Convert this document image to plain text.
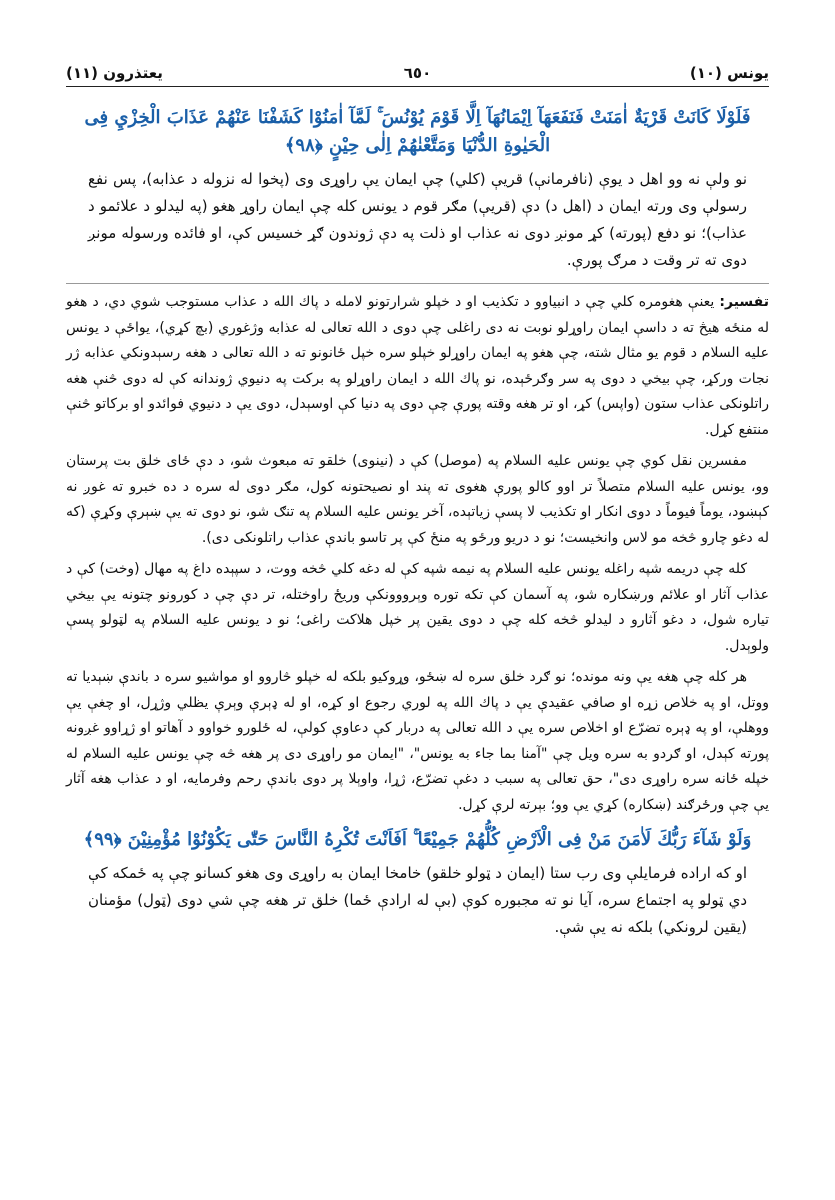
يونس (١٠)
٦٥٠
يعتذرون (١١)

فَلَوْلَا كَانَتْ قَرْيَةٌ اٰمَنَتْ فَنَفَعَهَآ اِيْمَانُهَآ اِلَّا قَوْمَ يُوْنُسَ ۚ لَمَّآ اٰمَنُوْا كَشَفْنَا عَنْهُمْ عَذَابَ الْخِزْيِ فِى الْحَيٰوةِ الدُّنْيَا وَمَتَّعْنٰهُمْ اِلٰى حِيْنٍ ﴿٩٨﴾

نو ولې نه وو اهل د يوې (نافرمانې) قريې (كلي) چې ايمان يې راوړی وی (پخوا له نزوله د عذابه)، پس نفع رسولې وی ورته ايمان د (اهل د) دې (قريې) مګر قوم د يونس كله چې ايمان راوړ هغو (په ليدلو د علائمو د عذاب)؛ نو دفع (پورته) كړ مونږ دوی نه عذاب او ذلت په دې ژوندون ګړ خسيس كې، او فائده ورسوله مونږ دوی ته تر وقت د مرګ پورې.

تفسير: يعنې هغومره كلي چې د انبياوو د تكذيب او د خپلو شرارتونو لامله د پاك الله د عذاب مستوجب شوي دي، د هغو له منځه هيڅ ته د داسې ايمان راوړلو نوبت نه دی راغلی چې دوی د الله تعالى له عذابه وژغوري (بچ كړي)، يواځې د يونس عليه السلام د قوم يو مثال شته، چې هغو په ايمان راوړلو خپلو سره خپل ځانونو ته د الله تعالى د هغه رسېدونكي عذابه ژر نجات وركړ، چې بيخي د دوی په سر وګرځېده، نو پاك الله د ايمان راوړلو په بركت په دنيوي ژوندانه كې له دوی څنې هغه راتلونكی عذاب ستون (واپس) كړ، او تر هغه وقته پورې چې دوی په دنيا كې اوسېدل، دوی يې د دنيوي فوائدو او بركاتو څنې منتفع كړل.

مفسرين نقل كوي چې يونس عليه السلام په (موصل) كې د (نينوی) خلقو ته مبعوث شو، د دې ځای خلق بت پرستان وو، يونس عليه السلام متصلاً تر اوو كالو پورې هغوی ته پند او نصيحتونه كول، مګر دوی له سره د ده خبرو ته غوږ نه كېښود، يوماً فيوماً د دوی انكار او تكذيب لا پسې زياتېده، آخر يونس عليه السلام په تنګ شو، نو دوی ته يې ښېرې وكړې (كه له دغو چارو څخه مو لاس وانخيست؛ نو د دريو ورځو په منځ كې پر تاسو باندې عذاب راتلونكی دی).

كله چې دريمه شپه راغله يونس عليه السلام په نيمه شپه كې له دغه كلي څخه ووت، د سپېده داغ په مهال (وخت) كې د عذاب آثار او علائم ورښكاره شو، په آسمان كې تكه توره وېرووونكې وريځ راوختله، تر دې چې د كورونو چتونه يې بيخي تياره شول، د دغو آثارو د ليدلو څخه كله چې د دوی يقين پر خپل هلاكت راغی؛ نو د يونس عليه السلام په لټولو پسې ولوېدل.

هر كله چې هغه يې ونه مونده؛ نو ګرد خلق سره له ښځو، وړوكيو بلكه له خپلو څاروو او مواشيو سره د باندې ښېديا ته ووتل، او په خلاص زړه او صافي عقيدې يې د پاك الله په لوري رجوع او كړه، او له ډېرې وېرې يظلي وژړل، او چغې يې ووهلې، او په ډېره تضرّع او اخلاص سره يې د الله تعالى په دربار كې دعاوې كولې، له ځلورو خواوو د آهاتو او ژړاوو غږونه پورته كېدل، او ګردو به سره ويل چې "آمنا بما جاء به يونس"، "ايمان مو راوړی دی پر هغه څه چې يونس عليه السلام له خپله ځانه سره راوړی دی"، حق تعالى په سبب د دغې تضرّع، ژړا، واوېلا پر دوی باندې رحم وفرمايه، او د عذاب هغه آثار يې چې ورځرګند (ښكاره) كړي يې وو؛ بېرته لرې كړل.

وَلَوْ شَآءَ رَبُّكَ لَاٰمَنَ مَنْ فِى الْاَرْضِ كُلُّهُمْ جَمِيْعًا ۚ اَفَاَنْتَ تُكْرِهُ النَّاسَ حَتّٰى يَكُوْنُوْا مُؤْمِنِيْنَ ﴿٩٩﴾

او كه اراده فرمايلې وی رب ستا (ايمان د ټولو خلقو) خامخا ايمان به راوړی وی هغو كسانو چې په ځمكه كې دي ټولو په اجتماع سره، آيا نو ته مجبوره كوې (بې له ارادې ځما) خلق تر هغه چې شي دوی (ټول) مؤمنان (يقين لرونكي) بلكه نه يې شې.
